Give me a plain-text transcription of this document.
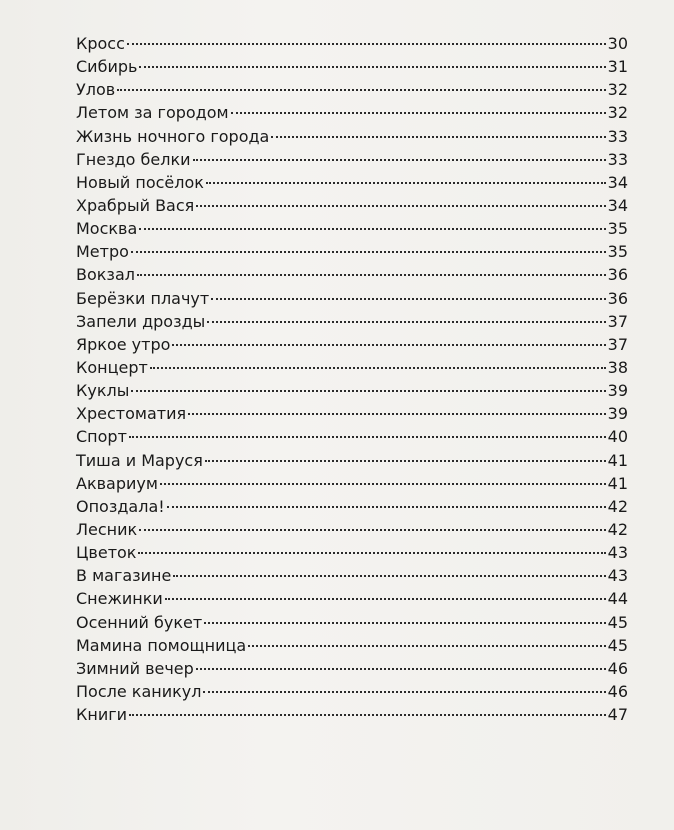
Кросс	30
Сибирь	31
Улов	32
Летом за городом	32
Жизнь ночного города	33
Гнездо белки	33
Новый посёлок	34
Храбрый Вася	34
Москва	35
Метро	35
Вокзал	36
Берёзки плачут	36
Запели дрозды	37
Яркое утро	37
Концерт	38
Куклы	39
Хрестоматия	39
Спорт	40
Тиша и Маруся	41
Аквариум	41
Опоздала!	42
Лесник	42
Цветок	43
В магазине	43
Снежинки	44
Осенний букет	45
Мамина помощница	45
Зимний вечер	46
После каникул	46
Книги	47
